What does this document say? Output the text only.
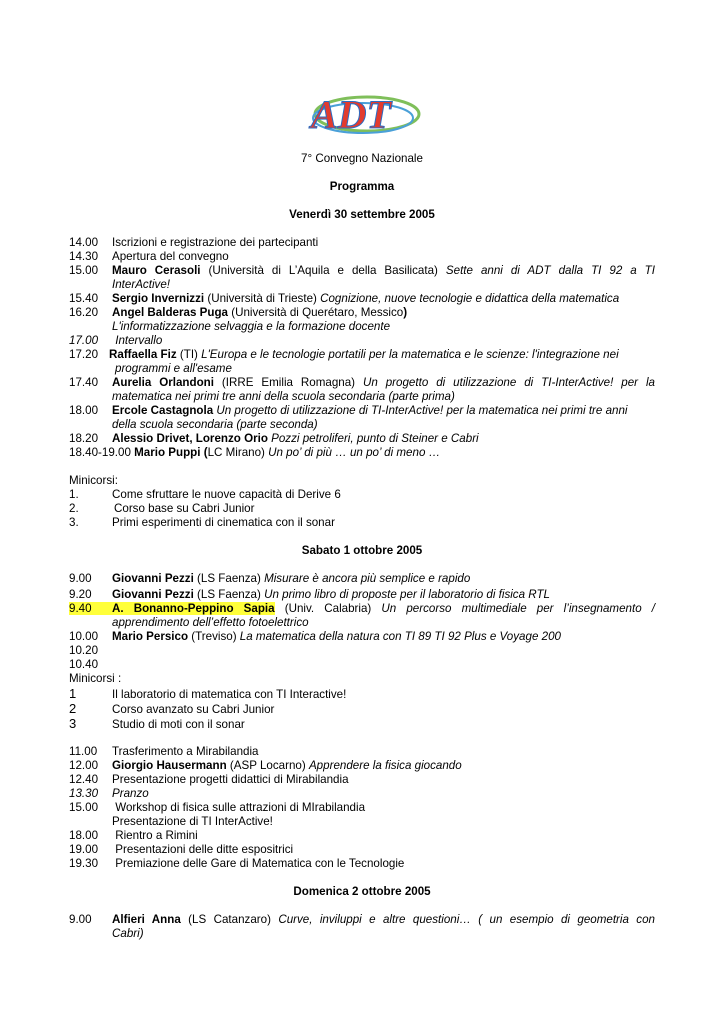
ADT
7° Convegno Nazionale
Programma
Venerdì 30 settembre 2005
14.00 Iscrizioni e registrazione dei partecipanti
14.30 Apertura del convegno
15.00 Mauro Cerasoli (Università di L’Aquila e della Basilicata) Sette anni di ADT dalla TI 92 a TI
InterActive!
15.40 Sergio Invernizzi (Università di Trieste) Cognizione, nuove tecnologie e didattica della matematica
16.20 Angel Balderas Puga (Università di Querétaro, Messico)
L'informatizzazione selvaggia e la formazione docente
17.00 Intervallo
17.20 Raffaella Fiz (TI) L'Europa e le tecnologie portatili per la matematica e le scienze: l'integrazione nei
programmi e all'esame
17.40 Aurelia Orlandoni (IRRE Emilia Romagna) Un progetto di utilizzazione di TI-InterActive! per la
matematica nei primi tre anni della scuola secondaria (parte prima)
18.00 Ercole Castagnola Un progetto di utilizzazione di TI-InterActive! per la matematica nei primi tre anni
della scuola secondaria (parte seconda)
18.20 Alessio Drivet, Lorenzo Orio Pozzi petroliferi, punto di Steiner e Cabri
18.40-19.00 Mario Puppi (LC Mirano) Un po’ di più … un po’ di meno …
Minicorsi:
1.	Come sfruttare le nuove capacità di Derive 6
2.	Corso base su Cabri Junior
3.	Primi esperimenti di cinematica con il sonar
Sabato 1 ottobre 2005
9.00 Giovanni Pezzi (LS Faenza) Misurare è ancora più semplice e rapido
9.20 Giovanni Pezzi (LS Faenza) Un primo libro di proposte per il laboratorio di fisica RTL
9.40 A. Bonanno-Peppino Sapia (Univ. Calabria) Un percorso multimediale per l’insegnamento /
apprendimento dell’effetto fotoelettrico
10.00 Mario Persico (Treviso) La matematica della natura con TI 89 TI 92 Plus e Voyage 200
10.20
10.40
Minicorsi :
1	Il laboratorio di matematica con TI Interactive!
2	Corso avanzato su Cabri Junior
3	Studio di moti con il sonar
11.00 Trasferimento a Mirabilandia
12.00 Giorgio Hausermann (ASP Locarno) Apprendere la fisica giocando
12.40 Presentazione progetti didattici di Mirabilandia
13.30 Pranzo
15.00 Workshop di fisica sulle attrazioni di MIrabilandia
Presentazione di TI InterActive!
18.00 Rientro a Rimini
19.00 Presentazioni delle ditte espositrici
19.30 Premiazione delle Gare di Matematica con le Tecnologie
Domenica 2 ottobre 2005
9.00 Alfieri Anna (LS Catanzaro) Curve, inviluppi e altre questioni… ( un esempio di geometria con
Cabri)
